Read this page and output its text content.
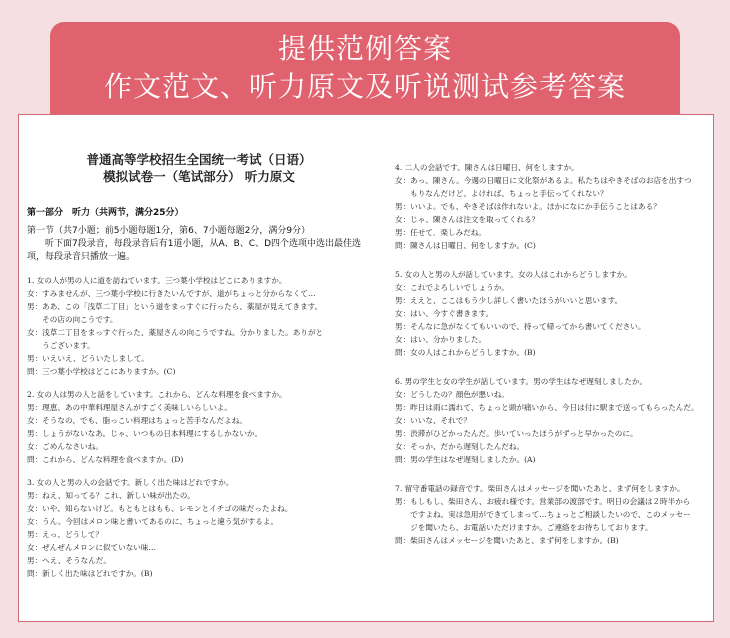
提供范例答案
作文范文、听力原文及听说测试参考答案
普通高等学校招生全国统一考试（日语）
模拟试卷一（笔试部分） 听力原文
第一部分　听力（共两节，满分25分）
第一节（共7小题；前5小题每题1分，第6、7小题每题2分，满分9分）
听下面7段录音，每段录音后有1道小题，从A、B、C、D四个选项中选出最佳选
项，每段录音只播放一遍。
1. 女の人が男の人に道を訪ねています。三つ葉小学校はどこにありますか。
女：すみませんが、三つ葉小学校に行きたいんですが、道がちょっと分からなくて…
男：ああ、この「浅草二丁目」という道をまっすぐに行ったら、薬屋が見えてきます。
　　その店の向こうです。
女：浅草二丁目をまっすぐ行った、薬屋さんの向こうですね。分かりました。ありがと
　　うございます。
男：いえいえ、どういたしまして。
問：三つ葉小学校はどこにありますか。(C)
2. 女の人は男の人と話をしています。これから、どんな料理を食べますか。
男：理恵、あの中華料理屋さんがすごく美味しいらしいよ。
女：そうなの、でも、脂っこい料理はちょっと苦手なんだよね。
男：しょうがないなあ。じゃ、いつもの日本料理にするしかないか。
女：ごめんなさいね。
問：これから、どんな料理を食べますか。(D)
3. 女の人と男の人の会話です。新しく出た味はどれですか。
男：ねえ、知ってる？これ、新しい味が出たの。
女：いや、知らないけど。もともとはもも、レモンとイチゴの味だったよね。
女：うん。今回はメロン味と書いてあるのに、ちょっと違う気がするよ。
男：えっ、どうして？
女：ぜんぜんメロンに似ていない味…
男：へえ、そうなんだ。
問：新しく出た味はどれですか。(B)
4. 二人の会話です。陳さんは日曜日、何をしますか。
女：あっ、陳さん。今週の日曜日に文化祭があるよ。私たちはやきそばのお店を出すつ
　　もりなんだけど、よければ、ちょっと手伝ってくれない？
男：いいよ。でも、やきそばは作れないよ。ほかになにか手伝うことはある？
女：じゃ、陳さんは注文を取ってくれる？
男：任せて．楽しみだね。
問：陳さんは日曜日、何をしますか。(C)
5. 女の人と男の人が話しています。女の人はこれからどうしますか。
女：これでよろしいでしょうか。
男：ええと、ここはもう少し詳しく書いたほうがいいと思います。
女：はい、今すぐ書きます。
男：そんなに急がなくてもいいので、持って帰ってから書いてください。
女：はい、分かりました。
問：女の人はこれからどうしますか。(B)
6. 男の学生と女の学生が話しています。男の学生はなぜ遅刻しましたか。
女：どうしたの？顔色が悪いね。
男：昨日は雨に濡れて、ちょっと頭が痛いから、今日は付に駅まで送ってもらったんだ。
女：いいな、それで？
男：渋滞がひどかったんだ。歩いていったほうがずっと早かったのに。
女：そっか、だから遅刻したんだね。
問：男の学生はなぜ遅刻しましたか。(A)
7. 留守番電話の録音です。柴田さんはメッセージを聞いたあと、まず何をしますか。
男：もしもし、柴田さん、お疲れ様です。営業部の渡部です。明日の会議は２時半から
　　ですよね。実は急用ができてしまって…ちょっとご相談したいので、このメッセー
　　ジを聞いたら、お電話いただけますか。ご連絡をお待ちしております。
問：柴田さんはメッセージを聞いたあと、まず何をしますか。(B)
